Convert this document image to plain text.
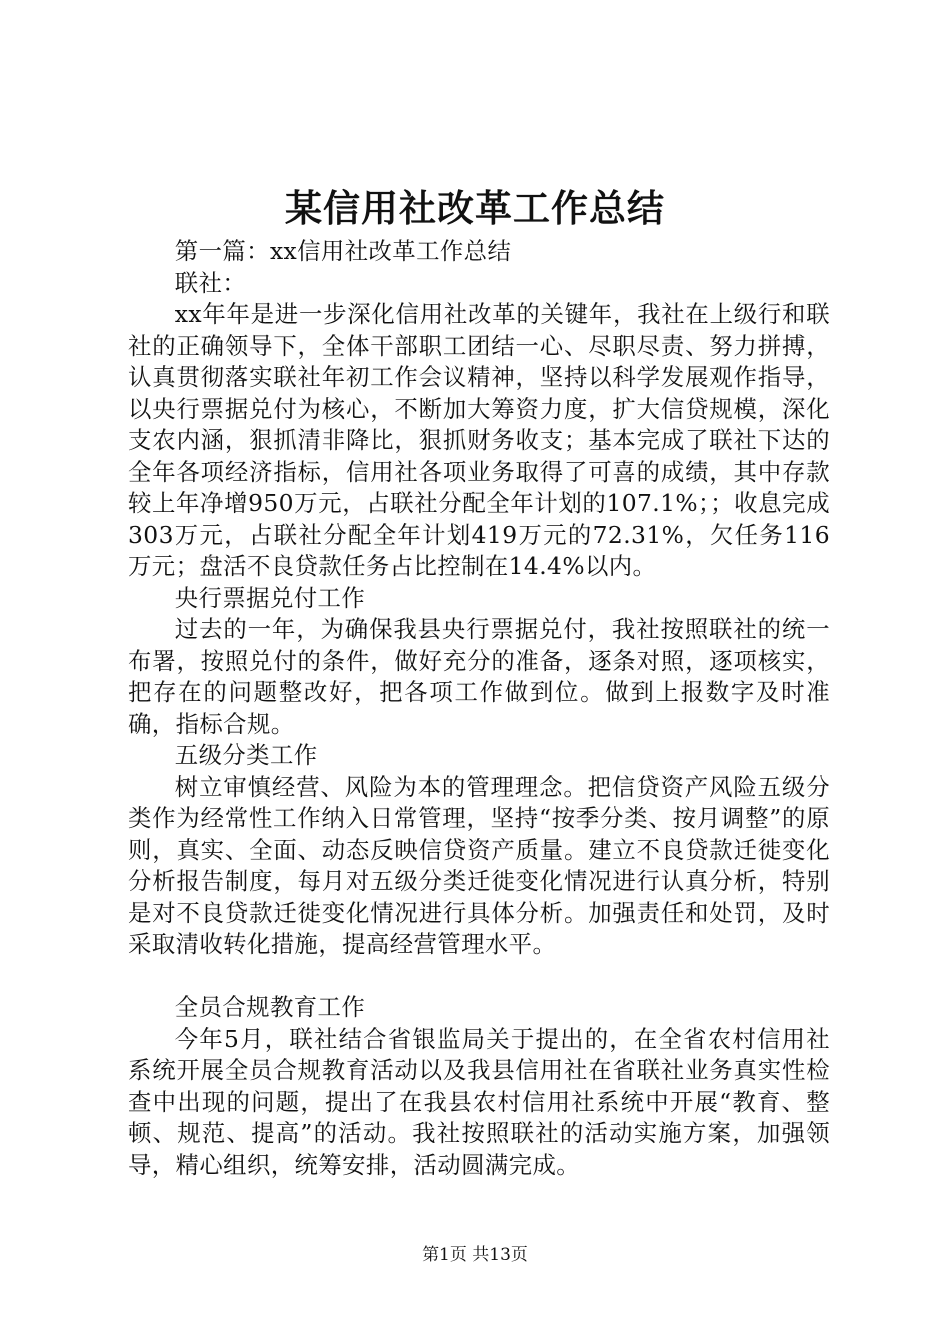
某信用社改革工作总结

第一篇：xx信用社改革工作总结

联社：

xx年年是进一步深化信用社改革的关键年，我社在上级行和联社的正确领导下，全体干部职工团结一心、尽职尽责、努力拼搏，认真贯彻落实联社年初工作会议精神，坚持以科学发展观作指导，以央行票据兑付为核心，不断加大筹资力度，扩大信贷规模，深化支农内涵，狠抓清非降比，狠抓财务收支；基本完成了联社下达的全年各项经济指标，信用社各项业务取得了可喜的成绩，其中存款较上年净增950万元，占联社分配全年计划的107.1%；；收息完成303万元，占联社分配全年计划419万元的72.31%，欠任务116万元；盘活不良贷款任务占比控制在14.4%以内。

央行票据兑付工作

过去的一年，为确保我县央行票据兑付，我社按照联社的统一布署，按照兑付的条件，做好充分的准备，逐条对照，逐项核实，把存在的问题整改好，把各项工作做到位。做到上报数字及时准确，指标合规。

五级分类工作

树立审慎经营、风险为本的管理理念。把信贷资产风险五级分类作为经常性工作纳入日常管理，坚持“按季分类、按月调整”的原则，真实、全面、动态反映信贷资产质量。建立不良贷款迁徙变化分析报告制度，每月对五级分类迁徙变化情况进行认真分析，特别是对不良贷款迁徙变化情况进行具体分析。加强责任和处罚，及时采取清收转化措施，提高经营管理水平。

全员合规教育工作

今年5月，联社结合省银监局关于提出的，在全省农村信用社系统开展全员合规教育活动以及我县信用社在省联社业务真实性检查中出现的问题，提出了在我县农村信用社系统中开展“教育、整顿、规范、提高”的活动。我社按照联社的活动实施方案，加强领导，精心组织，统筹安排，活动圆满完成。

第1页 共13页
